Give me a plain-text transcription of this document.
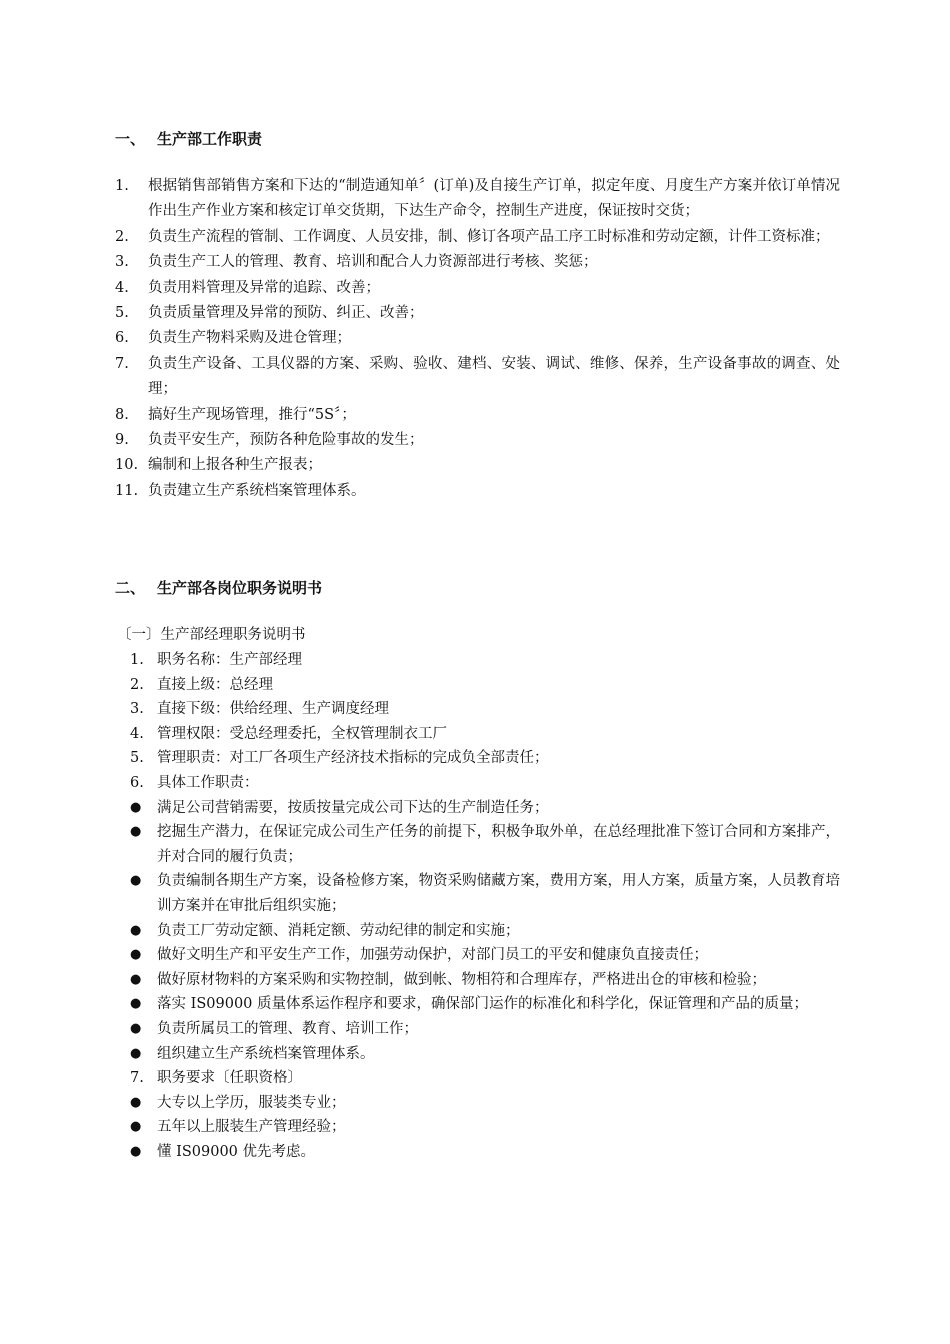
一、 生产部工作职责
1. 根据销售部销售方案和下达的“制造通知单〞(订单)及自接生产订单，拟定年度、月度生产方案并依订单情况作出生产作业方案和核定订单交货期，下达生产命令，控制生产进度，保证按时交货；
2. 负责生产流程的管制、工作调度、人员安排，制、修订各项产品工序工时标准和劳动定额，计件工资标准；
3. 负责生产工人的管理、教育、培训和配合人力资源部进行考核、奖惩；
4. 负责用料管理及异常的追踪、改善；
5. 负责质量管理及异常的预防、纠正、改善；
6. 负责生产物料采购及进仓管理；
7. 负责生产设备、工具仪器的方案、采购、验收、建档、安装、调试、维修、保养，生产设备事故的调查、处理；
8. 搞好生产现场管理，推行“5S〞；
9. 负责平安生产，预防各种危险事故的发生；
10. 编制和上报各种生产报表；
11. 负责建立生产系统档案管理体系。
二、 生产部各岗位职务说明书
〔一〕生产部经理职务说明书
1. 职务名称：生产部经理
2. 直接上级：总经理
3. 直接下级：供给经理、生产调度经理
4. 管理权限：受总经理委托，全权管理制衣工厂
5. 管理职责：对工厂各项生产经济技术指标的完成负全部责任；
6. 具体工作职责：
● 满足公司营销需要，按质按量完成公司下达的生产制造任务；
● 挖掘生产潜力，在保证完成公司生产任务的前提下，积极争取外单，在总经理批准下签订合同和方案排产，并对合同的履行负责；
● 负责编制各期生产方案，设备检修方案，物资采购储藏方案，费用方案，用人方案，质量方案，人员教育培训方案并在审批后组织实施；
● 负责工厂劳动定额、消耗定额、劳动纪律的制定和实施；
● 做好文明生产和平安生产工作，加强劳动保护，对部门员工的平安和健康负直接责任；
● 做好原材物料的方案采购和实物控制，做到帐、物相符和合理库存，严格进出仓的审核和检验；
● 落实 IS09000 质量体系运作程序和要求，确保部门运作的标准化和科学化，保证管理和产品的质量；
● 负责所属员工的管理、教育、培训工作；
● 组织建立生产系统档案管理体系。
7. 职务要求〔任职资格〕
● 大专以上学历，服装类专业；
● 五年以上服装生产管理经验；
● 懂 IS09000 优先考虑。
